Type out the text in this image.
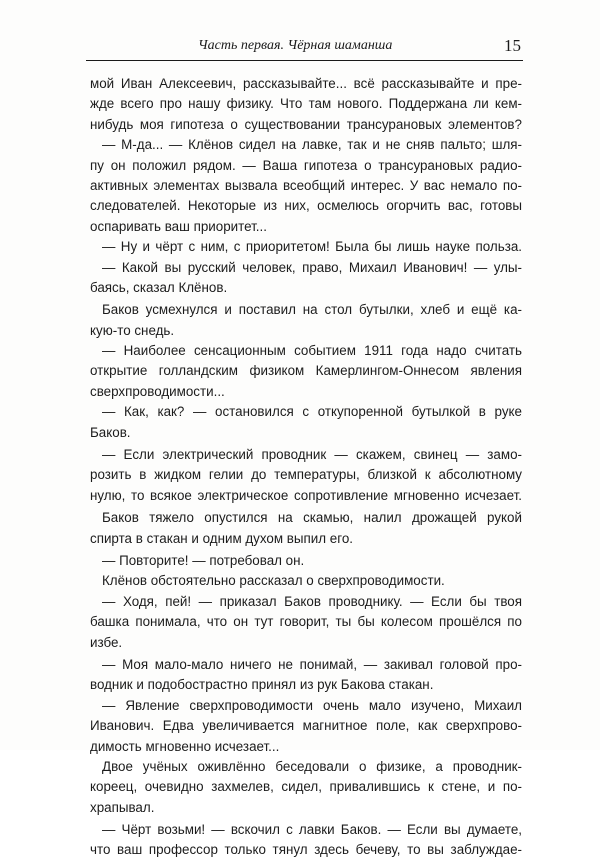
Часть первая. Чёрная шаманша	15
мой Иван Алексеевич, рассказывайте... всё рассказывайте и пре-
жде всего про нашу физику. Что там нового. Поддержана ли кем-
нибудь моя гипотеза о существовании трансурановых элементов?
— М-да... — Клёнов сидел на лавке, так и не сняв пальто; шля-
пу он положил рядом. — Ваша гипотеза о трансурановых радио-
активных элементах вызвала всеобщий интерес. У вас немало по-
следователей. Некоторые из них, осмелюсь огорчить вас, готовы
оспаривать ваш приоритет...
— Ну и чёрт с ним, с приоритетом! Была бы лишь науке польза.
— Какой вы русский человек, право, Михаил Иванович! — улы-
баясь, сказал Клёнов.
Баков усмехнулся и поставил на стол бутылки, хлеб и ещё ка-
кую-то снедь.
— Наиболее сенсационным событием 1911 года надо считать
открытие голландским физиком Камерлингом-Оннесом явления
сверхпроводимости...
— Как, как? — остановился с откупоренной бутылкой в руке
Баков.
— Если электрический проводник — скажем, свинец — замо-
розить в жидком гелии до температуры, близкой к абсолютному
нулю, то всякое электрическое сопротивление мгновенно исчезает.
Баков тяжело опустился на скамью, налил дрожащей рукой
спирта в стакан и одним духом выпил его.
— Повторите! — потребовал он.
Клёнов обстоятельно рассказал о сверхпроводимости.
— Ходя, пей! — приказал Баков проводнику. — Если бы твоя
башка понимала, что он тут говорит, ты бы колесом прошёлся по
избе.
— Моя мало-мало ничего не понимай, — закивал головой про-
водник и подобострастно принял из рук Бакова стакан.
— Явление сверхпроводимости очень мало изучено, Михаил
Иванович. Едва увеличивается магнитное поле, как сверхпрово-
димость мгновенно исчезает...
Двое учёных оживлённо беседовали о физике, а проводник-
кореец, очевидно захмелев, сидел, привалившись к стене, и по-
храпывал.
— Чёрт возьми! — вскочил с лавки Баков. — Если вы думаете,
что ваш профессор только тянул здесь бечеву, то вы заблуждае-
